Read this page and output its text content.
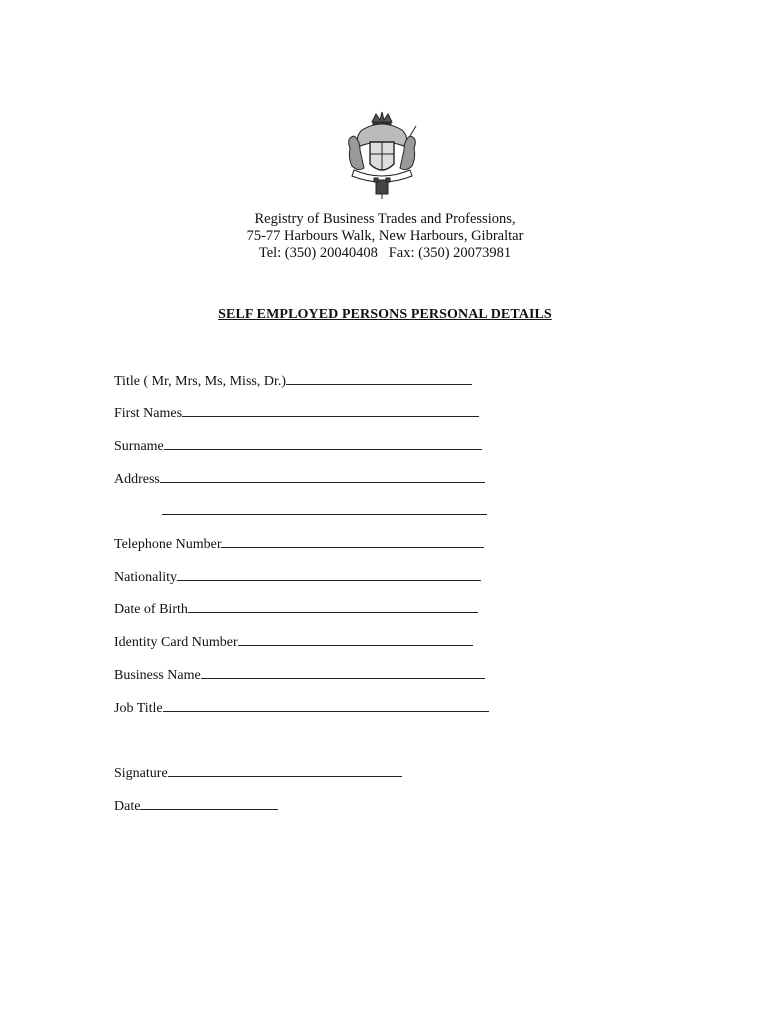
Registry of Business Trades and Professions,
75-77 Harbours Walk, New Harbours, Gibraltar
Tel: (350) 20040408   Fax: (350) 20073981
SELF EMPLOYED PERSONS PERSONAL DETAILS
Title ( Mr, Mrs, Ms, Miss, Dr.)
First Names
Surname
Address
Telephone Number
Nationality
Date of Birth
Identity Card Number
Business Name
Job Title
Signature
Date
